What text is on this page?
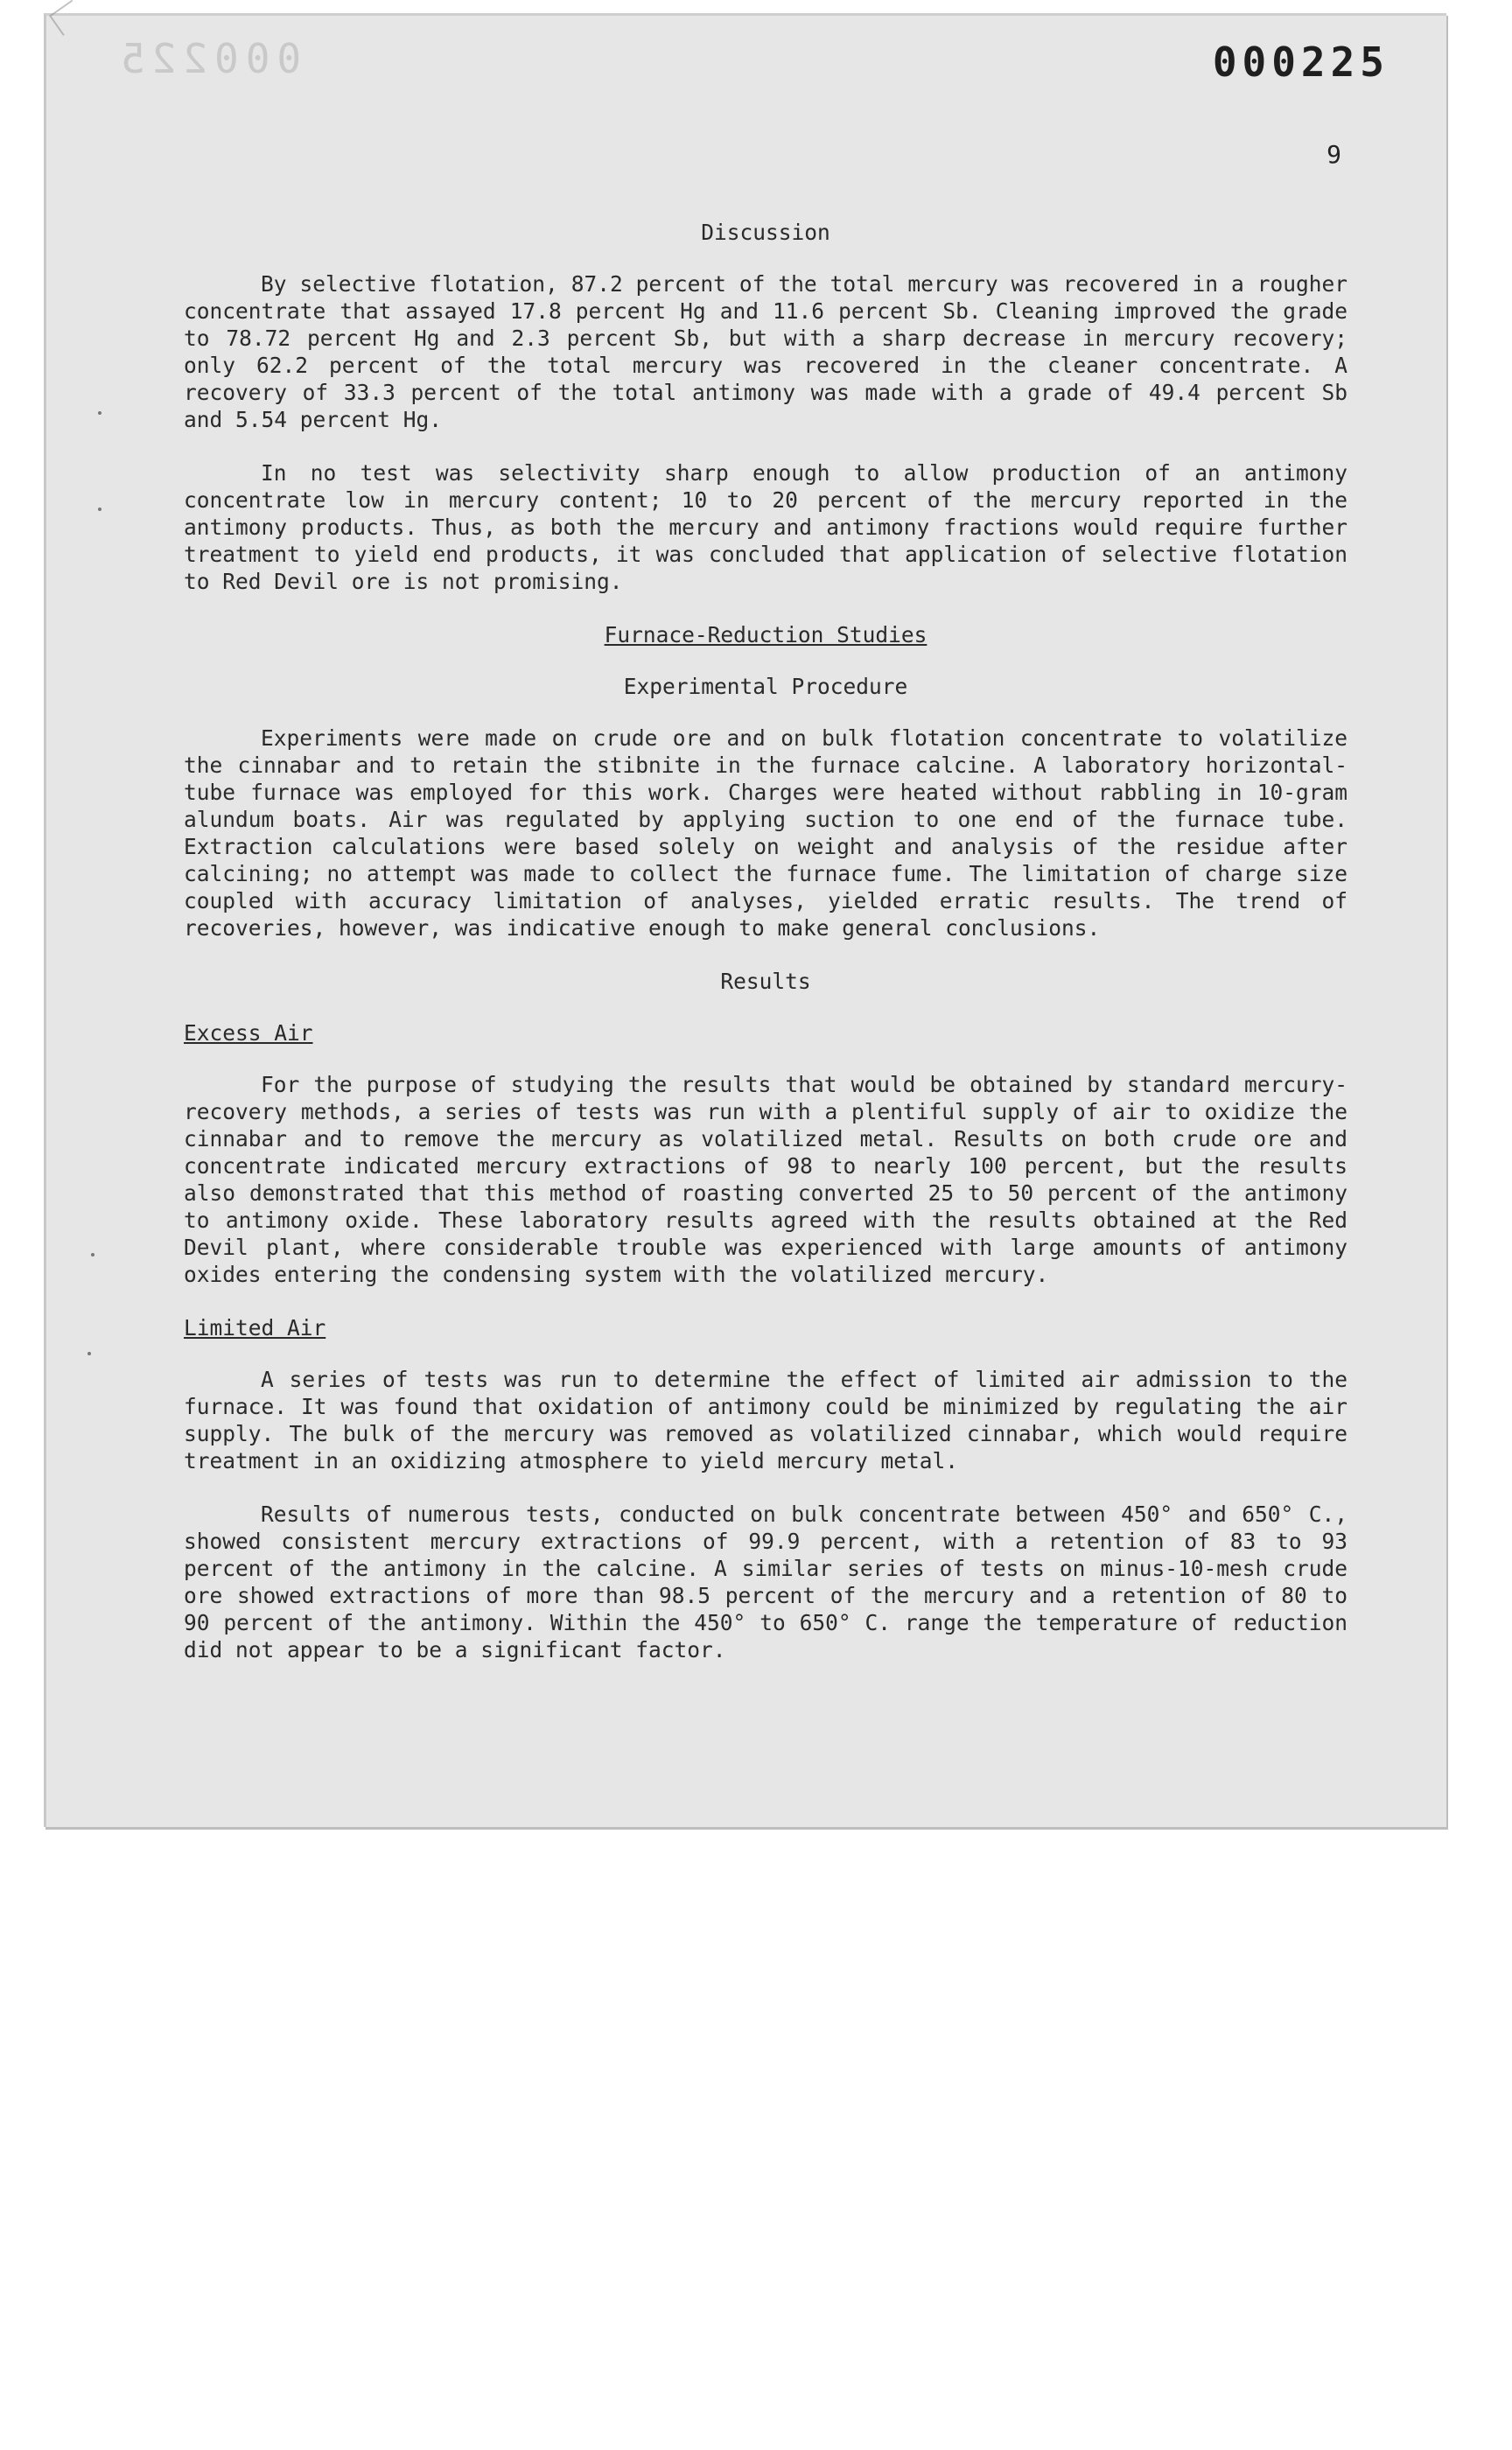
000225	000225
9

Discussion

By selective flotation, 87.2 percent of the total mercury was recovered in a rougher concentrate that assayed 17.8 percent Hg and 11.6 percent Sb. Cleaning improved the grade to 78.72 percent Hg and 2.3 percent Sb, but with a sharp decrease in mercury recovery; only 62.2 percent of the total mercury was recovered in the cleaner concentrate. A recovery of 33.3 percent of the total antimony was made with a grade of 49.4 percent Sb and 5.54 percent Hg.

In no test was selectivity sharp enough to allow production of an antimony concentrate low in mercury content; 10 to 20 percent of the mercury reported in the antimony products. Thus, as both the mercury and antimony fractions would require further treatment to yield end products, it was concluded that application of selective flotation to Red Devil ore is not promising.

Furnace-Reduction Studies

Experimental Procedure

Experiments were made on crude ore and on bulk flotation concentrate to volatilize the cinnabar and to retain the stibnite in the furnace calcine. A laboratory horizontal-tube furnace was employed for this work. Charges were heated without rabbling in 10-gram alundum boats. Air was regulated by applying suction to one end of the furnace tube. Extraction calculations were based solely on weight and analysis of the residue after calcining; no attempt was made to collect the furnace fume. The limitation of charge size coupled with accuracy limitation of analyses, yielded erratic results. The trend of recoveries, however, was indicative enough to make general conclusions.

Results

Excess Air

For the purpose of studying the results that would be obtained by standard mercury-recovery methods, a series of tests was run with a plentiful supply of air to oxidize the cinnabar and to remove the mercury as volatilized metal. Results on both crude ore and concentrate indicated mercury extractions of 98 to nearly 100 percent, but the results also demonstrated that this method of roasting converted 25 to 50 percent of the antimony to antimony oxide. These laboratory results agreed with the results obtained at the Red Devil plant, where considerable trouble was experienced with large amounts of antimony oxides entering the condensing system with the volatilized mercury.

Limited Air

A series of tests was run to determine the effect of limited air admission to the furnace. It was found that oxidation of antimony could be minimized by regulating the air supply. The bulk of the mercury was removed as volatilized cinnabar, which would require treatment in an oxidizing atmosphere to yield mercury metal.

Results of numerous tests, conducted on bulk concentrate between 450° and 650° C., showed consistent mercury extractions of 99.9 percent, with a retention of 83 to 93 percent of the antimony in the calcine. A similar series of tests on minus-10-mesh crude ore showed extractions of more than 98.5 percent of the mercury and a retention of 80 to 90 percent of the antimony. Within the 450° to 650° C. range the temperature of reduction did not appear to be a significant factor.
